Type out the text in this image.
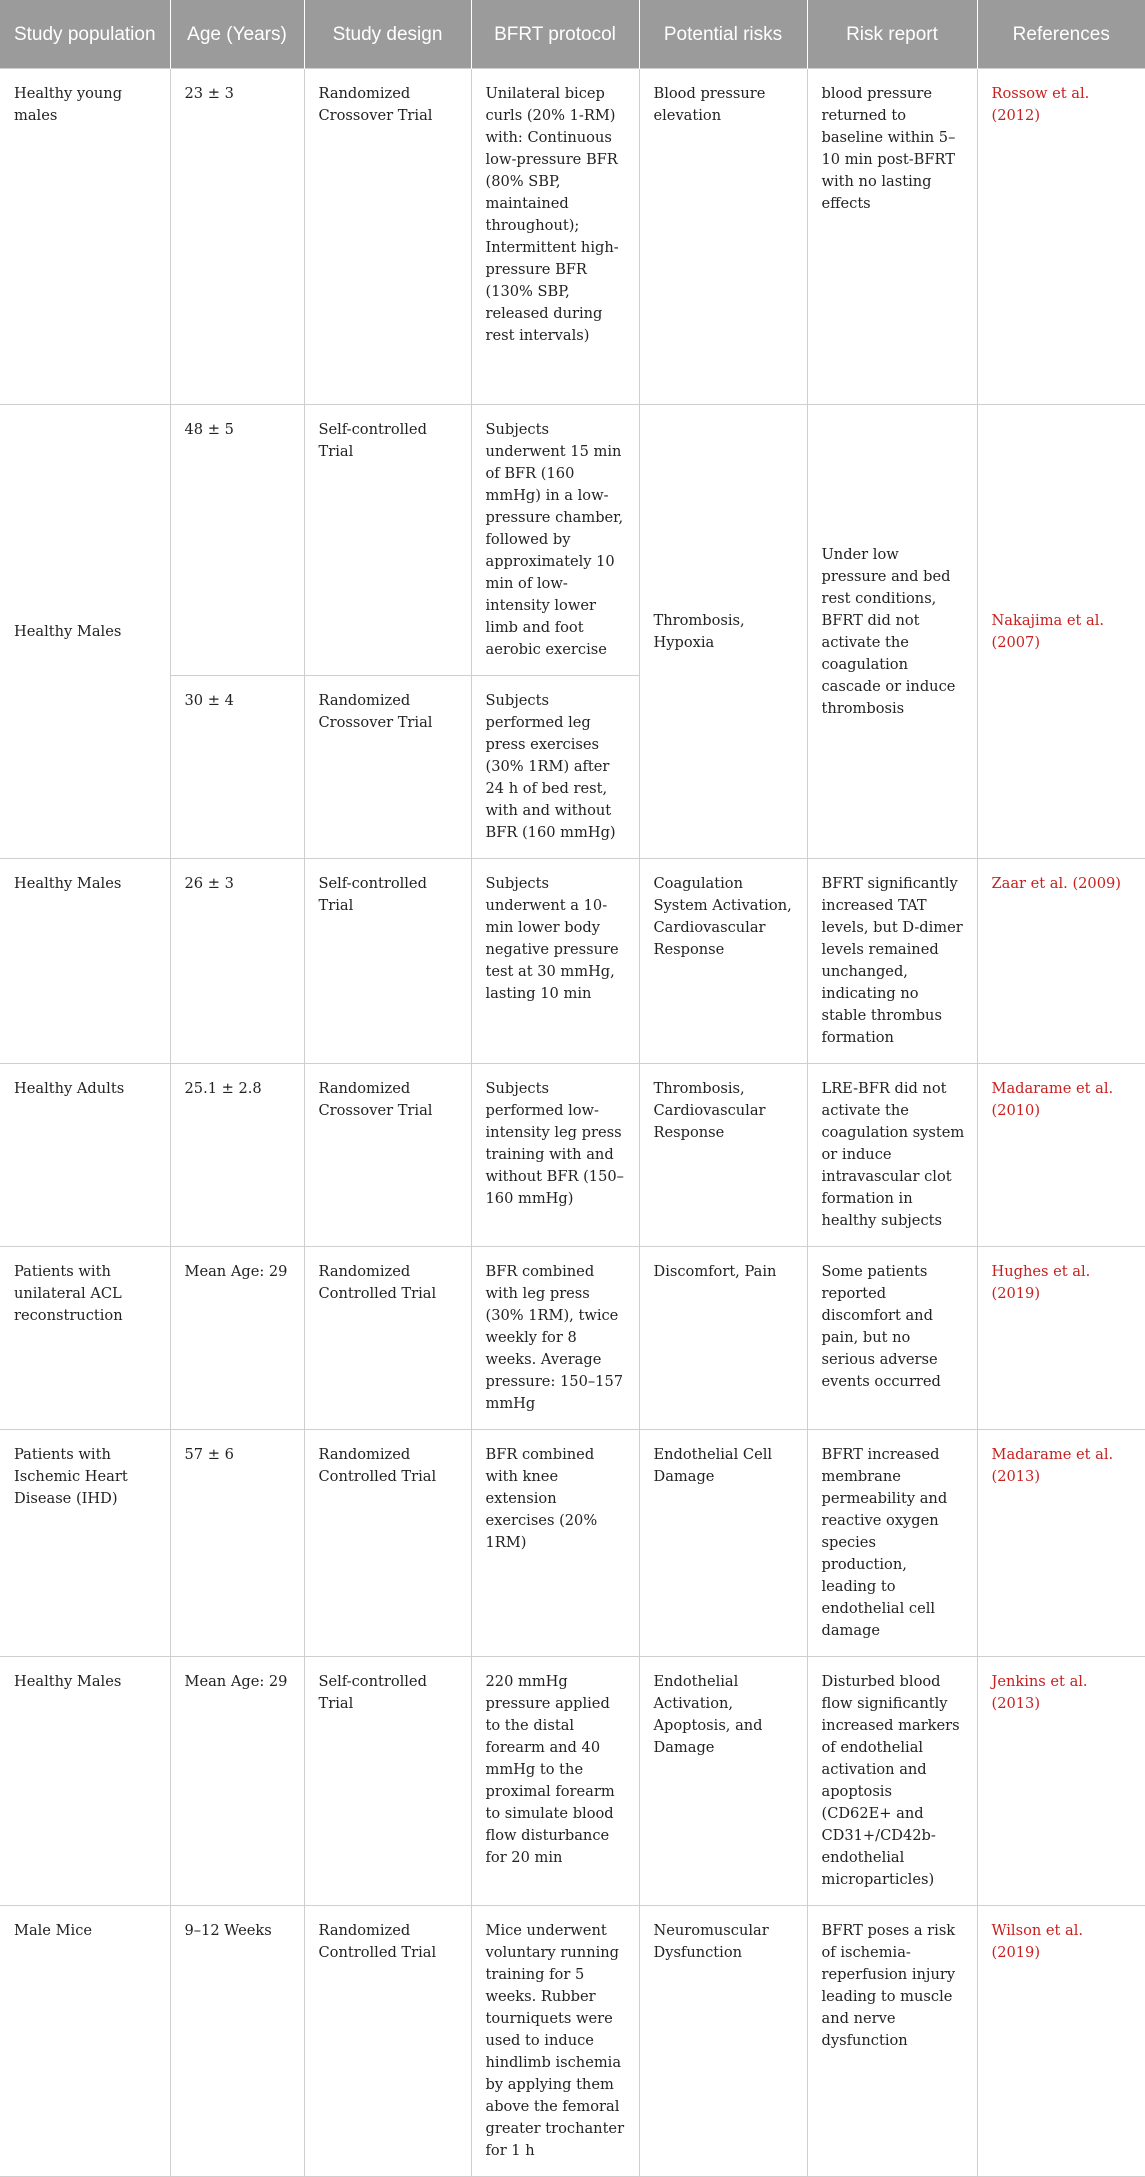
Study population	Age (Years)	Study design	BFRT protocol	Potential risks	Risk report	References
Healthy young males	23 ± 3	Randomized Crossover Trial	Unilateral bicep curls (20% 1-RM) with: Continuous low-pressure BFR (80% SBP, maintained throughout); Intermittent high-pressure BFR (130% SBP, released during rest intervals)	Blood pressure elevation	blood pressure returned to baseline within 5–10 min post-BFRT with no lasting effects	Rossow et al. (2012)
Healthy Males	48 ± 5	Self-controlled Trial	Subjects underwent 15 min of BFR (160 mmHg) in a low-pressure chamber, followed by approximately 10 min of low-intensity lower limb and foot aerobic exercise	Thrombosis, Hypoxia	Under low pressure and bed rest conditions, BFRT did not activate the coagulation cascade or induce thrombosis	Nakajima et al. (2007)
	30 ± 4	Randomized Crossover Trial	Subjects performed leg press exercises (30% 1RM) after 24 h of bed rest, with and without BFR (160 mmHg)			
Healthy Males	26 ± 3	Self-controlled Trial	Subjects underwent a 10-min lower body negative pressure test at 30 mmHg, lasting 10 min	Coagulation System Activation, Cardiovascular Response	BFRT significantly increased TAT levels, but D-dimer levels remained unchanged, indicating no stable thrombus formation	Zaar et al. (2009)
Healthy Adults	25.1 ± 2.8	Randomized Crossover Trial	Subjects performed low-intensity leg press training with and without BFR (150–160 mmHg)	Thrombosis, Cardiovascular Response	LRE-BFR did not activate the coagulation system or induce intravascular clot formation in healthy subjects	Madarame et al. (2010)
Patients with unilateral ACL reconstruction	Mean Age: 29	Randomized Controlled Trial	BFR combined with leg press (30% 1RM), twice weekly for 8 weeks. Average pressure: 150–157 mmHg	Discomfort, Pain	Some patients reported discomfort and pain, but no serious adverse events occurred	Hughes et al. (2019)
Patients with Ischemic Heart Disease (IHD)	57 ± 6	Randomized Controlled Trial	BFR combined with knee extension exercises (20% 1RM)	Endothelial Cell Damage	BFRT increased membrane permeability and reactive oxygen species production, leading to endothelial cell damage	Madarame et al. (2013)
Healthy Males	Mean Age: 29	Self-controlled Trial	220 mmHg pressure applied to the distal forearm and 40 mmHg to the proximal forearm to simulate blood flow disturbance for 20 min	Endothelial Activation, Apoptosis, and Damage	Disturbed blood flow significantly increased markers of endothelial activation and apoptosis (CD62E+ and CD31+/CD42b- endothelial microparticles)	Jenkins et al. (2013)
Male Mice	9–12 Weeks	Randomized Controlled Trial	Mice underwent voluntary running training for 5 weeks. Rubber tourniquets were used to induce hindlimb ischemia by applying them above the femoral greater trochanter for 1 h	Neuromuscular Dysfunction	BFRT poses a risk of ischemia-reperfusion injury leading to muscle and nerve dysfunction	Wilson et al. (2019)
